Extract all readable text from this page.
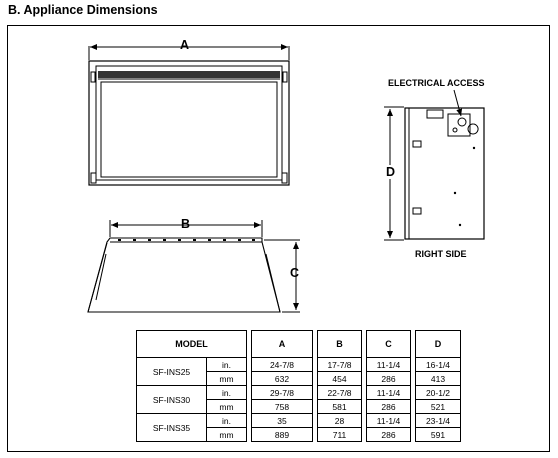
B. Appliance Dimensions
A
B
C
D
ELECTRICAL ACCESS
RIGHT SIDE
MODEL			A		B		C		D
SF-INS25	in.		24-7/8		17-7/8		11-1/4		16-1/4
	mm		632		454		286		413
SF-INS30	in.		29-7/8		22-7/8		11-1/4		20-1/2
	mm		758		581		286		521
SF-INS35	in.		35		28		11-1/4		23-1/4
	mm		889		711		286		591
